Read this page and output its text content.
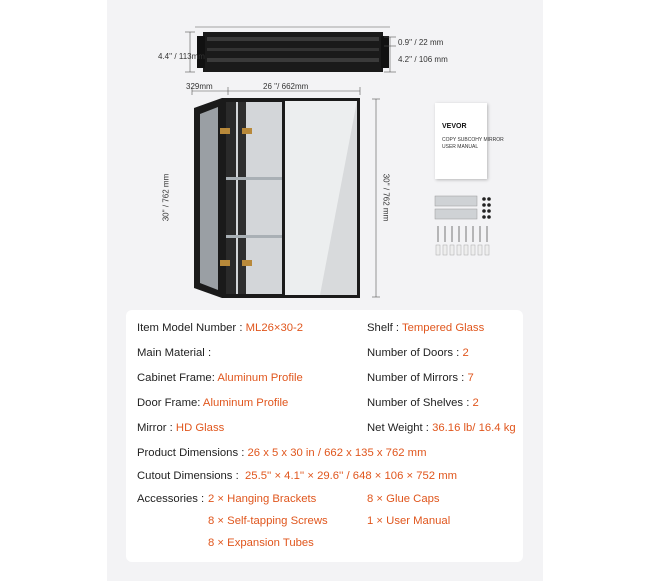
4.4'' / 113mm
0.9'' / 22 mm
4.2'' / 106 mm
329mm	26 ''/ 662mm
30'' / 762 mm	30'' / 762 mm
VEVOR
COPY SUBCOHY MIRROR
USER MANUAL
Item Model Number : ML26×30-2
Main Material :
Cabinet Frame: Aluminum Profile
Door Frame: Aluminum Profile
Mirror : HD Glass
Shelf : Tempered Glass
Number of Doors : 2
Number of Mirrors : 7
Number of Shelves : 2
Net Weight : 36.16 lb/ 16.4 kg
Product Dimensions : 26 x 5 x 30 in / 662 x 135 x 762 mm
Cutout Dimensions : 25.5'' × 4.1'' × 29.6'' / 648 × 106 × 752 mm
Accessories : 2 × Hanging Brackets
8 × Self-tapping Screws
8 × Expansion Tubes
8 × Glue Caps
1 × User Manual
